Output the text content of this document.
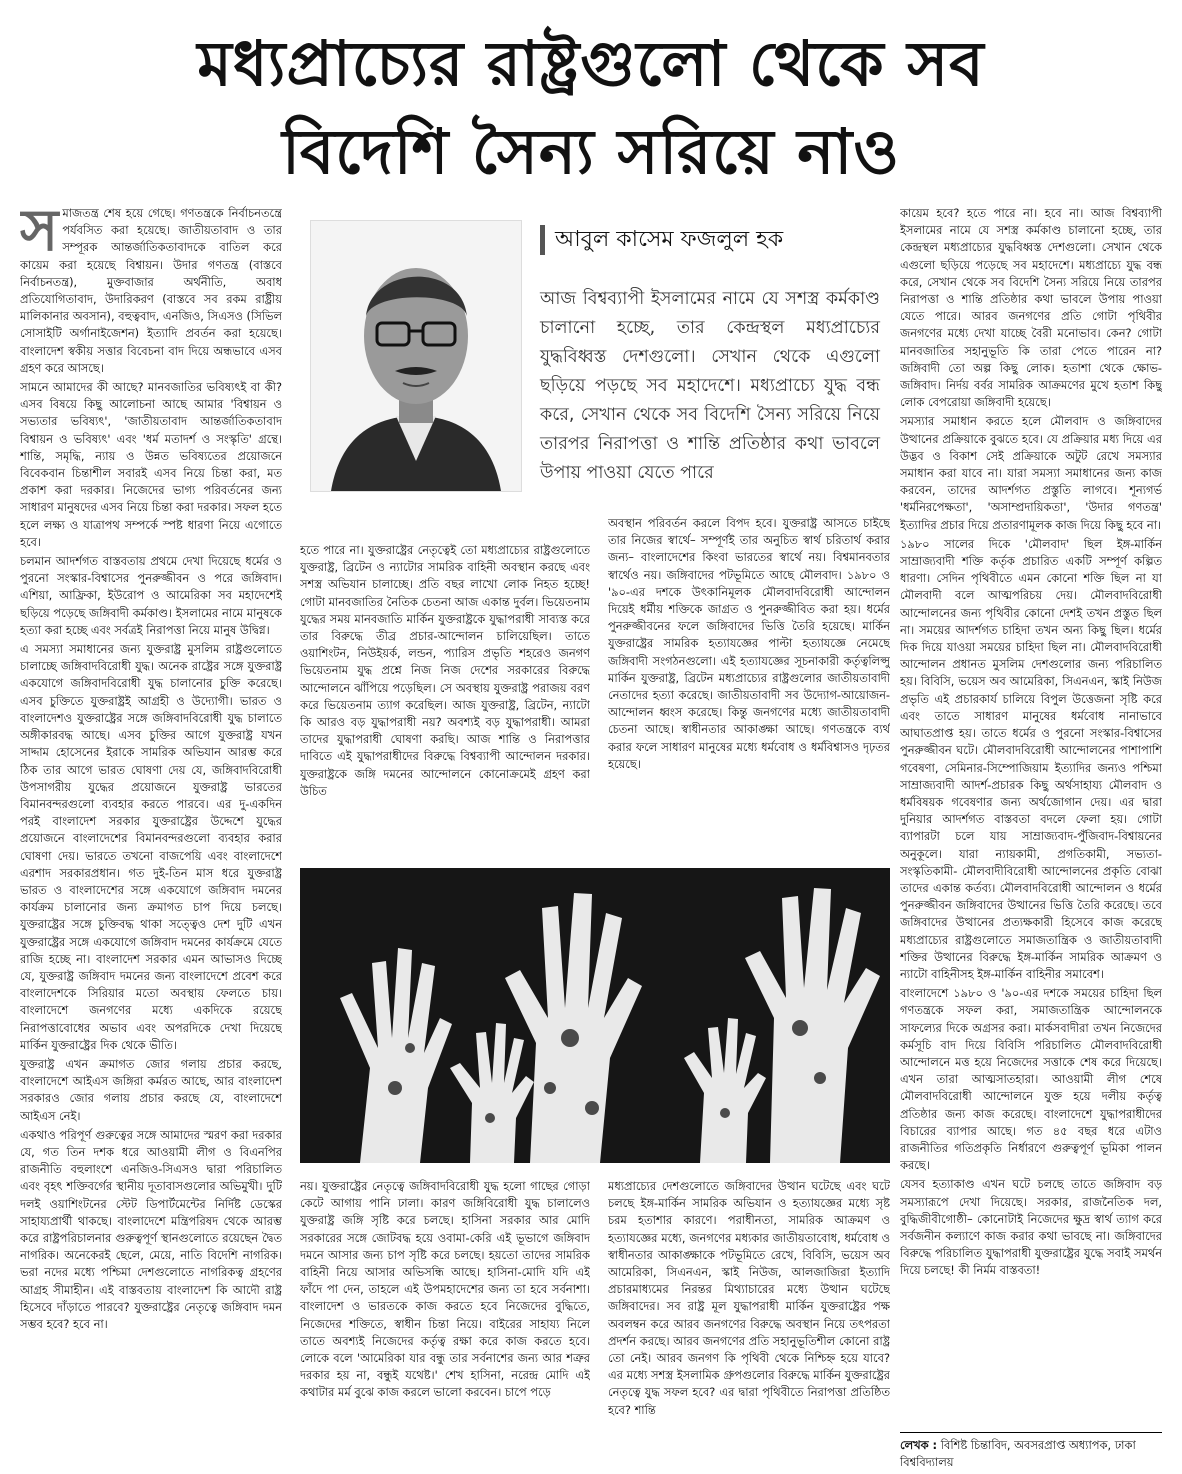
মধ্যপ্রাচ্যের রাষ্ট্রগুলো থেকে সব
বিদেশি সৈন্য সরিয়ে নাও
স মাজতন্ত্র শেষ হয়ে গেছে। গণতন্ত্রকে নির্বাচনতন্ত্রে পর্যবসিত করা হয়েছে। জাতীয়তাবাদ ও তার সম্পূরক আন্তর্জাতিকতাবাদকে বাতিল করে কায়েম করা হয়েছে বিশ্বায়ন। উদার গণতন্ত্র (বাস্তবে নির্বাচনতন্ত্র), মুক্তবাজার অর্থনীতি, অবাধ প্রতিযোগিতাবাদ, উদারিকরণ (বাস্তবে সব রকম রাষ্ট্রীয় মালিকানার অবসান), বহুত্ববাদ, এনজিও, সিএসও (সিভিল সোসাইটি অর্গানাইজেশন) ইত্যাদি প্রবর্তন করা হয়েছে। বাংলাদেশ স্বকীয় সত্তার বিবেচনা বাদ দিয়ে অন্ধভাবে এসব গ্রহণ করে আসছে।

সামনে আমাদের কী আছে? মানবজাতির ভবিষ্যৎই বা কী? এসব বিষয়ে কিছু আলোচনা আছে আমার 'বিশ্বায়ন ও সভ্যতার ভবিষ্যৎ', 'জাতীয়তাবাদ আন্তর্জাতিকতাবাদ বিশ্বায়ন ও ভবিষ্যৎ' এবং 'ধর্ম মতাদর্শ ও সংস্কৃতি' গ্রন্থে। শান্তি, সমৃদ্ধি, ন্যায় ও উন্নত ভবিষ্যতের প্রয়োজনে বিবেকবান চিন্তাশীল সবারই এসব নিয়ে চিন্তা করা, মত প্রকাশ করা দরকার। নিজেদের ভাগ্য পরিবর্তনের জন্য সাধারণ মানুষদের এসব নিয়ে চিন্তা করা দরকার। সফল হতে হলে লক্ষ্য ও যাত্রাপথ সম্পর্কে স্পষ্ট ধারণা নিয়ে এগোতে হবে।

চলমান আদর্শগত বাস্তবতায় প্রথমে দেখা দিয়েছে ধর্মের ও পুরনো সংস্কার-বিশ্বাসের পুনরুজ্জীবন ও পরে জঙ্গিবাদ। এশিয়া, আফ্রিকা, ইউরোপ ও আমেরিকা সব মহাদেশেই ছড়িয়ে পড়েছে জঙ্গিবাদী কর্মকাণ্ড। ইসলামের নামে মানুষকে হত্যা করা হচ্ছে এবং সর্বত্রই নিরাপত্তা নিয়ে মানুষ উদ্বিগ্ন।

এ সমস্যা সমাধানের জন্য যুক্তরাষ্ট্র মুসলিম রাষ্ট্রগুলোতে চালাচ্ছে জঙ্গিবাদবিরোধী যুদ্ধ। অনেক রাষ্ট্রের সঙ্গে যুক্তরাষ্ট্র একযোগে জঙ্গিবাদবিরোধী যুদ্ধ চালানোর চুক্তি করেছে। এসব চুক্তিতে যুক্তরাষ্ট্রই আগ্রহী ও উদ্যোগী। ভারত ও বাংলাদেশও যুক্তরাষ্ট্রের সঙ্গে জঙ্গিবাদবিরোধী যুদ্ধ চালাতে অঙ্গীকারবদ্ধ আছে। এসব চুক্তির আগে যুক্তরাষ্ট্র যখন সাদ্দাম হোসেনের ইরাকে সামরিক অভিযান আরম্ভ করে ঠিক তার আগে ভারত ঘোষণা দেয় যে, জঙ্গিবাদবিরোধী উপসাগরীয় যুদ্ধের প্রয়োজনে যুক্তরাষ্ট্র ভারতের বিমানবন্দরগুলো ব্যবহার করতে পারবে। এর দু-একদিন পরই বাংলাদেশ সরকার যুক্তরাষ্ট্রের উদ্দেশে যুদ্ধের প্রয়োজনে বাংলাদেশের বিমানবন্দরগুলো ব্যবহার করার ঘোষণা দেয়। ভারতে তখনো বাজপেয়ি এবং বাংলাদেশে এরশাদ সরকারপ্রধান। গত দুই-তিন মাস ধরে যুক্তরাষ্ট্র ভারত ও বাংলাদেশের সঙ্গে একযোগে জঙ্গিবাদ দমনের কার্যক্রম চালানোর জন্য ক্রমাগত চাপ দিয়ে চলছে। যুক্তরাষ্ট্রের সঙ্গে চুক্তিবদ্ধ থাকা সত্ত্বেও দেশ দুটি এখন যুক্তরাষ্ট্রের সঙ্গে একযোগে জঙ্গিবাদ দমনের কার্যক্রমে যেতে রাজি হচ্ছে না। বাংলাদেশ সরকার এমন আভাসও দিচ্ছে যে, যুক্তরাষ্ট্র জঙ্গিবাদ দমনের জন্য বাংলাদেশে প্রবেশ করে বাংলাদেশকে সিরিয়ার মতো অবস্থায় ফেলতে চায়। বাংলাদেশে জনগণের মধ্যে একদিকে রয়েছে নিরাপত্তাবোধের অভাব এবং অপরদিকে দেখা দিয়েছে মার্কিন যুক্তরাষ্ট্রের দিক থেকে ভীতি।

যুক্তরাষ্ট্র এখন ক্রমাগত জোর গলায় প্রচার করছে, বাংলাদেশে আইএস জঙ্গিরা কর্মরত আছে, আর বাংলাদেশ সরকারও জোর গলায় প্রচার করছে যে, বাংলাদেশে আইএস নেই।

একথাও পরিপূর্ণ গুরুত্বের সঙ্গে আমাদের স্মরণ করা দরকার যে, গত তিন দশক ধরে আওয়ামী লীগ ও বিএনপির রাজনীতি বহুলাংশে এনজিও-সিএসও দ্বারা পরিচালিত এবং বৃহৎ শক্তিবর্গের স্থানীয় দূতাবাসগুলোর অভিমুখী। দুটি দলই ওয়াশিংটনের স্টেট ডিপার্টমেন্টের নির্দিষ্ট ডেস্কের সাহায্যপ্রার্থী থাকছে। বাংলাদেশে মন্ত্রিপরিষদ থেকে আরম্ভ করে রাষ্ট্রপরিচালনার গুরুত্বপূর্ণ স্থানগুলোতে রয়েছেন দ্বৈত নাগরিক। অনেকেরই ছেলে, মেয়ে, নাতি বিদেশি নাগরিক। ভরা নদের মধ্যে পশ্চিমা দেশগুলোতে নাগরিকত্ব গ্রহণের আগ্রহ সীমাহীন। এই বাস্তবতায় বাংলাদেশ কি আদৌ রাষ্ট্র হিসেবে দাঁড়াতে পারবে? যুক্তরাষ্ট্রের নেতৃত্বে জঙ্গিবাদ দমন সম্ভব হবে? হবে না।

আবুল কাসেম ফজলুল হক
আজ বিশ্বব্যাপী ইসলামের নামে যে সশস্ত্র কর্মকাণ্ড চালানো হচ্ছে, তার কেন্দ্রস্থল মধ্যপ্রাচ্যের যুদ্ধবিধ্বস্ত দেশগুলো। সেখান থেকে এগুলো ছড়িয়ে পড়ছে সব মহাদেশে। মধ্যপ্রাচ্যে যুদ্ধ বন্ধ করে, সেখান থেকে সব বিদেশি সৈন্য সরিয়ে নিয়ে তারপর নিরাপত্তা ও শান্তি প্রতিষ্ঠার কথা ভাবলে উপায় পাওয়া যেতে পারে
হতে পারে না। যুক্তরাষ্ট্রের নেতৃত্বেই তো মধ্যপ্রাচ্যের রাষ্ট্রগুলোতে যুক্তরাষ্ট্র, ব্রিটেন ও ন্যাটোর সামরিক বাহিনী অবস্থান করছে এবং সশস্ত্র অভিযান চালাচ্ছে। প্রতি বছর লাখো লোক নিহত হচ্ছে! গোটা মানবজাতির নৈতিক চেতনা আজ একান্ত দুর্বল। ভিয়েতনাম যুদ্ধের সময় মানবজাতি মার্কিন যুক্তরাষ্ট্রকে যুদ্ধাপরাধী সাব্যস্ত করে তার বিরুদ্ধে তীব্র প্রচার-আন্দোলন চালিয়েছিল। তাতে ওয়াশিংটন, নিউইয়র্ক, লন্ডন, প্যারিস প্রভৃতি শহরেও জনগণ ভিয়েতনাম যুদ্ধ প্রশ্নে নিজ নিজ দেশের সরকারের বিরুদ্ধে আন্দোলনে ঝাঁপিয়ে পড়েছিল। সে অবস্থায় যুক্তরাষ্ট্র পরাজয় বরণ করে ভিয়েতনাম ত্যাগ করেছিল। আজ যুক্তরাষ্ট্র, ব্রিটেন, ন্যাটো কি আরও বড় যুদ্ধাপরাধী নয়? অবশ্যই বড় যুদ্ধাপরাধী। আমরা তাদের যুদ্ধাপরাধী ঘোষণা করছি। আজ শান্তি ও নিরাপত্তার দাবিতে এই যুদ্ধাপরাধীদের বিরুদ্ধে বিশ্বব্যাপী আন্দোলন দরকার। যুক্তরাষ্ট্রকে জঙ্গি দমনের আন্দোলনে কোনোক্রমেই গ্রহণ করা উচিত
অবস্থান পরিবর্তন করলে বিপদ হবে। যুক্তরাষ্ট্র আসতে চাইছে তার নিজের স্বার্থে– সম্পূর্ণই তার অনুচিত স্বার্থ চরিতার্থ করার জন্য– বাংলাদেশের কিংবা ভারতের স্বার্থে নয়। বিশ্বমানবতার স্বার্থেও নয়। জঙ্গিবাদের পটভূমিতে আছে মৌলবাদ। ১৯৮০ ও '৯০-এর দশকে উৎকানিমূলক মৌলবাদবিরোধী আন্দোলন দিয়েই ধর্মীয় শক্তিকে জাগ্রত ও পুনরুজ্জীবিত করা হয়। ধর্মের পুনরুজ্জীবনের ফলে জঙ্গিবাদের ভিত্তি তৈরি হয়েছে। মার্কিন যুক্তরাষ্ট্রের সামরিক হত্যাযজ্ঞের পাল্টা হত্যাযজ্ঞে নেমেছে জঙ্গিবাদী সংগঠনগুলো। এই হত্যাযজ্ঞের সূচনাকারী কর্তৃত্বলিপ্সু মার্কিন যুক্তরাষ্ট্র, ব্রিটেন মধ্যপ্রাচ্যের রাষ্ট্রগুলোর জাতীয়তাবাদী নেতাদের হত্যা করেছে। জাতীয়তাবাদী সব উদ্যোগ-আয়োজন-আন্দোলন ধ্বংস করেছে। কিন্তু জনগণের মধ্যে জাতীয়তাবাদী চেতনা আছে। স্বাধীনতার আকাঙ্ক্ষা আছে। গণতন্ত্রকে ব্যর্থ করার ফলে সাধারণ মানুষের মধ্যে ধর্মবোধ ও ধর্মবিশ্বাসও দৃঢ়তর হয়েছে।
নয়। যুক্তরাষ্ট্রের নেতৃত্বে জঙ্গিবাদবিরোধী যুদ্ধ হলো গাছের গোড়া কেটে আগায় পানি ঢালা। কারণ জঙ্গিবিরোধী যুদ্ধ চালালেও যুক্তরাষ্ট্র জঙ্গি সৃষ্টি করে চলছে। হাসিনা সরকার আর মোদি সরকারের সঙ্গে জোটবদ্ধ হয়ে ওবামা-কেরি এই ভূভাগে জঙ্গিবাদ দমনে আসার জন্য চাপ সৃষ্টি করে চলছে। হয়তো তাদের সামরিক বাহিনী নিয়ে আসার অভিসন্ধি আছে। হাসিনা-মোদি যদি এই ফাঁদে পা দেন, তাহলে এই উপমহাদেশের জন্য তা হবে সর্বনাশা। বাংলাদেশ ও ভারতকে কাজ করতে হবে নিজেদের বুদ্ধিতে, নিজেদের শক্তিতে, স্বাধীন চিন্তা নিয়ে। বাইরের সাহায্য নিলে তাতে অবশ্যই নিজেদের কর্তৃত্ব রক্ষা করে কাজ করতে হবে। লোকে বলে 'আমেরিকা যার বন্ধু তার সর্বনাশের জন্য আর শত্রুর দরকার হয় না, বন্ধুই যথেষ্ট।' শেখ হাসিনা, নরেন্দ্র মোদি এই কথাটার মর্ম বুঝে কাজ করলে ভালো করবেন। চাপে পড়ে
মধ্যপ্রাচ্যের দেশগুলোতে জঙ্গিবাদের উত্থান ঘটেছে এবং ঘটে চলছে ইঙ্গ-মার্কিন সামরিক অভিযান ও হত্যাযজ্ঞের মধ্যে সৃষ্ট চরম হতাশার কারণে। পরাধীনতা, সামরিক আক্রমণ ও হত্যাযজ্ঞের মধ্যে, জনগণের মধ্যকার জাতীয়তাবোধ, ধর্মবোধ ও স্বাধীনতার আকাঙ্ক্ষাকে পটভূমিতে রেখে, বিবিসি, ভয়েস অব আমেরিকা, সিএনএন, স্কাই নিউজ, আলজাজিরা ইত্যাদি প্রচারমাধ্যমের নিরন্তর মিথ্যাচারের মধ্যে উত্থান ঘটেছে জঙ্গিবাদের। সব রাষ্ট্র মূল যুদ্ধাপরাধী মার্কিন যুক্তরাষ্ট্রের পক্ষ অবলম্বন করে আরব জনগণের বিরুদ্ধে অবস্থান নিয়ে তৎপরতা প্রদর্শন করছে। আরব জনগণের প্রতি সহানুভূতিশীল কোনো রাষ্ট্র তো নেই। আরব জনগণ কি পৃথিবী থেকে নিশ্চিহ্ন হয়ে যাবে? এর মধ্যে সশস্ত্র ইসলামিক গ্রুপগুলোর বিরুদ্ধে মার্কিন যুক্তরাষ্ট্রের নেতৃত্বে যুদ্ধ সফল হবে? এর দ্বারা পৃথিবীতে নিরাপত্তা প্রতিষ্ঠিত হবে? শান্তি

কায়েম হবে? হতে পারে না। হবে না। আজ বিশ্বব্যাপী ইসলামের নামে যে সশস্ত্র কর্মকাণ্ড চালানো হচ্ছে, তার কেন্দ্রস্থল মধ্যপ্রাচ্যের যুদ্ধবিধ্বস্ত দেশগুলো। সেখান থেকে এগুলো ছড়িয়ে পড়েছে সব মহাদেশে। মধ্যপ্রাচ্যে যুদ্ধ বন্ধ করে, সেখান থেকে সব বিদেশি সৈন্য সরিয়ে নিয়ে তারপর নিরাপত্তা ও শান্তি প্রতিষ্ঠার কথা ভাবলে উপায় পাওয়া যেতে পারে। আরব জনগণের প্রতি গোটা পৃথিবীর জনগণের মধ্যে দেখা যাচ্ছে বৈরী মনোভাব। কেন? গোটা মানবজাতির সহানুভূতি কি তারা পেতে পারেন না? জঙ্গিবাদী তো অল্প কিছু লোক। হতাশা থেকে ক্ষোভ-জঙ্গিবাদ। নির্দয় বর্বর সামরিক আক্রমণের মুখে হতাশ কিছু লোক বেপরোয়া জঙ্গিবাদী হয়েছে।

সমস্যার সমাধান করতে হলে মৌলবাদ ও জঙ্গিবাদের উত্থানের প্রক্রিয়াকে বুঝতে হবে। যে প্রক্রিয়ার মধ্য দিয়ে এর উদ্ভব ও বিকাশ সেই প্রক্রিয়াকে অটুট রেখে সমস্যার সমাধান করা যাবে না। যারা সমস্যা সমাধানের জন্য কাজ করবেন, তাদের আদর্শগত প্রস্তুতি লাগবে। শূন্যগর্ভ 'ধর্মনিরপেক্ষতা', 'অসাম্প্রদায়িকতা', 'উদার গণতন্ত্র' ইত্যাদির প্রচার দিয়ে প্রতারণামূলক কাজ দিয়ে কিছু হবে না।

১৯৮০ সালের দিকে 'মৌলবাদ' ছিল ইঙ্গ-মার্কিন সাম্রাজ্যবাদী শক্তি কর্তৃক প্রচারিত একটি সম্পূর্ণ কল্পিত ধারণা। সেদিন পৃথিবীতে এমন কোনো শক্তি ছিল না যা মৌলবাদী বলে আত্মপরিচয় দেয়। মৌলবাদবিরোধী আন্দোলনের জন্য পৃথিবীর কোনো দেশই তখন প্রস্তুত ছিল না। সময়ের আদর্শগত চাহিদা তখন অন্য কিছু ছিল। ধর্মের দিক দিয়ে যাওয়া সময়ের চাহিদা ছিল না। মৌলবাদবিরোধী আন্দোলন প্রধানত মুসলিম দেশগুলোর জন্য পরিচালিত হয়। বিবিসি, ভয়েস অব আমেরিকা, সিএনএন, স্কাই নিউজ প্রভৃতি এই প্রচারকার্য চালিয়ে বিপুল উত্তেজনা সৃষ্টি করে এবং তাতে সাধারণ মানুষের ধর্মবোধ নানাভাবে আঘাতপ্রাপ্ত হয়। তাতে ধর্মের ও পুরনো সংস্কার-বিশ্বাসের পুনরুজ্জীবন ঘটে। মৌলবাদবিরোধী আন্দোলনের পাশাপাশি গবেষণা, সেমিনার-সিম্পোজিয়াম ইত্যাদির জন্যও পশ্চিমা সাম্রাজ্যবাদী আদর্শ-প্রচারক কিছু অর্থসাহায্য মৌলবাদ ও ধর্মবিষয়ক গবেষণার জন্য অর্থজোগান দেয়। এর দ্বারা দুনিয়ার আদর্শগত বাস্তবতা বদলে ফেলা হয়। গোটা ব্যাপারটা চলে যায় সাম্রাজ্যবাদ-পুঁজিবাদ-বিশ্বায়নের অনুকূলে। যারা ন্যায়কামী, প্রগতিকামী, সভ্যতা-সংস্কৃতিকামী- মৌলবাদীবিরোধী আন্দোলনের প্রকৃতি বোঝা তাদের একান্ত কর্তব্য। মৌলবাদবিরোধী আন্দোলন ও ধর্মের পুনরুজ্জীবন জঙ্গিবাদের উত্থানের ভিত্তি তৈরি করেছে। তবে জঙ্গিবাদের উত্থানের প্রত্যক্ষকারী হিসেবে কাজ করেছে মধ্যপ্রাচ্যের রাষ্ট্রগুলোতে সমাজতান্ত্রিক ও জাতীয়তাবাদী শক্তির উত্থানের বিরুদ্ধে ইঙ্গ-মার্কিন সামরিক আক্রমণ ও ন্যাটো বাহিনীসহ ইঙ্গ-মার্কিন বাহিনীর সমাবেশ।

বাংলাদেশে ১৯৮০ ও '৯০-এর দশকে সময়ের চাহিদা ছিল গণতন্ত্রকে সফল করা, সমাজতান্ত্রিক আন্দোলনকে সাফল্যের দিকে অগ্রসর করা। মার্কসবাদীরা তখন নিজেদের কর্মসূচি বাদ দিয়ে বিবিসি পরিচালিত মৌলবাদবিরোধী আন্দোলনে মত্ত হয়ে নিজেদের সত্তাকে শেষ করে দিয়েছে। এখন তারা আত্মসাতহারা। আওয়ামী লীগ শেষে মৌলবাদবিরোধী আন্দোলনে যুক্ত হয়ে দলীয় কর্তৃত্ব প্রতিষ্ঠার জন্য কাজ করেছে। বাংলাদেশে যুদ্ধাপরাধীদের বিচারের ব্যাপার আছে। গত ৪৫ বছর ধরে এটাও রাজনীতির গতিপ্রকৃতি নির্ধারণে গুরুত্বপূর্ণ ভূমিকা পালন করছে।

যেসব হত্যাকাণ্ড এখন ঘটে চলছে তাতে জঙ্গিবাদ বড় সমস্যারূপে দেখা দিয়েছে। সরকার, রাজনৈতিক দল, বুদ্ধিজীবীগোষ্ঠী– কোনোটাই নিজেদের ক্ষুদ্র স্বার্থ ত্যাগ করে সর্বজনীন কল্যাণে কাজ করার কথা ভাবছে না। জঙ্গিবাদের বিরুদ্ধে পরিচালিত যুদ্ধাপরাধী যুক্তরাষ্ট্রের যুদ্ধে সবাই সমর্থন দিয়ে চলছে! কী নির্মম বাস্তবতা!

লেখক : বিশিষ্ট চিন্তাবিদ, অবসরপ্রাপ্ত অধ্যাপক, ঢাকা বিশ্ববিদ্যালয়
